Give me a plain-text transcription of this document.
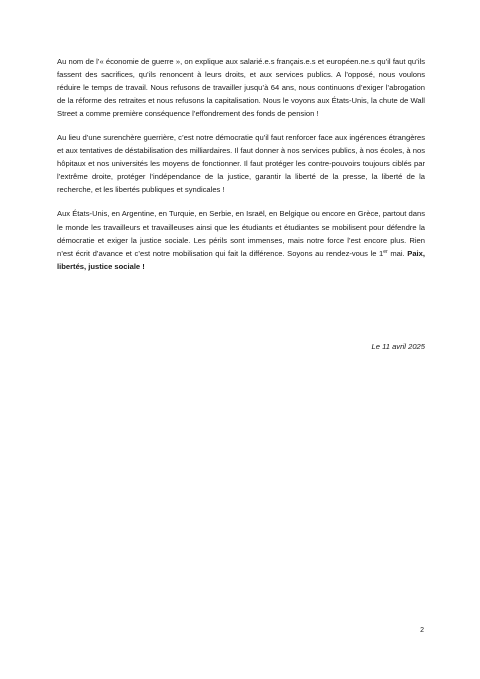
Au nom de l’« économie de guerre », on explique aux salarié.e.s français.e.s et européen.ne.s qu’il faut qu’ils fassent des sacrifices, qu’ils renoncent à leurs droits, et aux services publics. A l’opposé, nous voulons réduire le temps de travail. Nous refusons de travailler jusqu’à 64 ans, nous continuons d’exiger l’abrogation de la réforme des retraites et nous refusons la capitalisation. Nous le voyons aux États-Unis, la chute de Wall Street a comme première conséquence l’effondrement des fonds de pension !

Au lieu d’une surenchère guerrière, c’est notre démocratie qu’il faut renforcer face aux ingérences étrangères et aux tentatives de déstabilisation des milliardaires. Il faut donner à nos services publics, à nos écoles, à nos hôpitaux et nos universités les moyens de fonctionner. Il faut protéger les contre-pouvoirs toujours ciblés par l’extrême droite, protéger l’indépendance de la justice, garantir la liberté de la presse, la liberté de la recherche, et les libertés publiques et syndicales !

Aux États-Unis, en Argentine, en Turquie, en Serbie, en Israël, en Belgique ou encore en Grèce, partout dans le monde les travailleurs et travailleuses ainsi que les étudiants et étudiantes se mobilisent pour défendre la démocratie et exiger la justice sociale. Les périls sont immenses, mais notre force l’est encore plus. Rien n’est écrit d’avance et c’est notre mobilisation qui fait la différence. Soyons au rendez-vous le 1er mai. Paix, libertés, justice sociale !

Le 11 avril 2025
2
